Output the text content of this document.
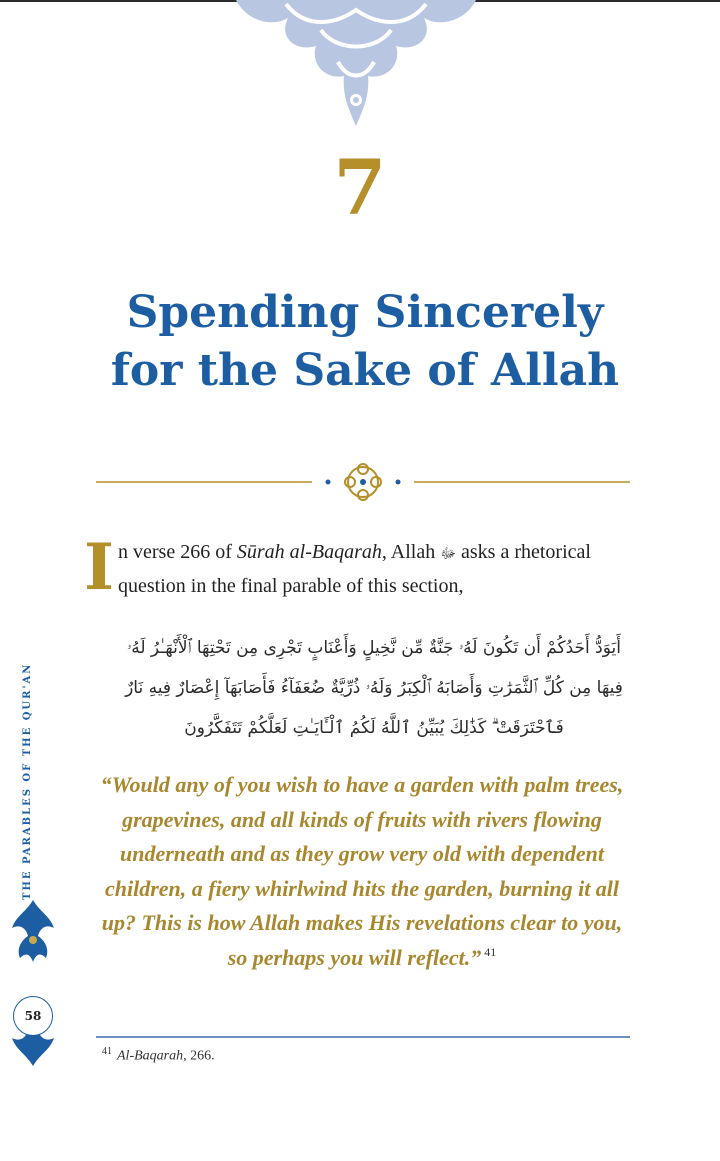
7
Spending Sincerely
for the Sake of Allah
I n verse 266 of Sūrah al-Baqarah, Allah ﷻ asks a rhetorical
question in the final parable of this section,

أَيَوَدُّ أَحَدُكُمْ أَن تَكُونَ لَهُۥ جَنَّةٌ مِّن نَّخِيلٍ وَأَعْنَابٍ تَجْرِى مِن تَحْتِهَا ٱلْأَنْهَـٰرُ لَهُۥ
فِيهَا مِن كُلِّ ٱلثَّمَرَٰتِ وَأَصَابَهُ ٱلْكِبَرُ وَلَهُۥ ذُرِّيَّةٌ ضُعَفَآءُ فَأَصَابَهَآ إِعْصَارٌ فِيهِ نَارٌ
فَٱحْتَرَقَتْ ۗ كَذَٰلِكَ يُبَيِّنُ ٱللَّهُ لَكُمُ ٱلْـَٔايَـٰتِ لَعَلَّكُمْ تَتَفَكَّرُونَ

“Would any of you wish to have a garden with palm trees, grapevines, and all kinds of fruits with rivers flowing underneath and as they grow very old with dependent children, a fiery whirlwind hits the garden, burning it all up? This is how Allah makes His revelations clear to you, so perhaps you will reflect.” $^{41}$

THE PARABLES OF THE QUR'AN
58

$^{41}$ Al-Baqarah, 266.
